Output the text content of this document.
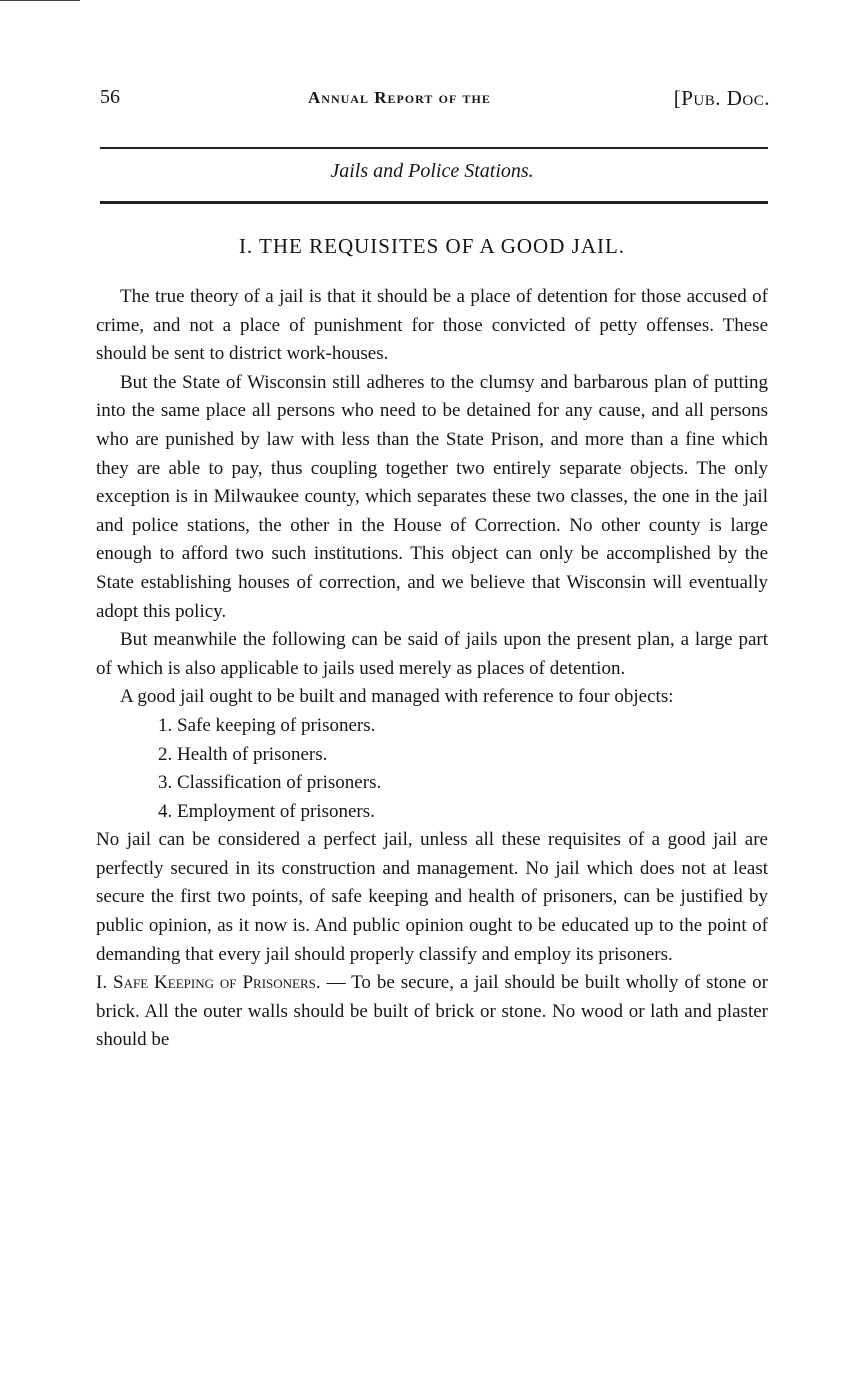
56	Annual Report of the	[Pub. Doc.
Jails and Police Stations.
I. THE REQUISITES OF A GOOD JAIL.

The true theory of a jail is that it should be a place of detention for those accused of crime, and not a place of punishment for those convicted of petty offenses. These should be sent to district work-houses.

But the State of Wisconsin still adheres to the clumsy and barbarous plan of putting into the same place all persons who need to be detained for any cause, and all persons who are punished by law with less than the State Prison, and more than a fine which they are able to pay, thus coupling together two entirely separate objects. The only exception is in Milwaukee county, which separates these two classes, the one in the jail and police stations, the other in the House of Correction. No other county is large enough to afford two such institutions. This object can only be accomplished by the State establishing houses of correction, and we believe that Wisconsin will eventually adopt this policy.

But meanwhile the following can be said of jails upon the present plan, a large part of which is also applicable to jails used merely as places of detention.

A good jail ought to be built and managed with reference to four objects:

1. Safe keeping of prisoners.
2. Health of prisoners.
3. Classification of prisoners.
4. Employment of prisoners.

No jail can be considered a perfect jail, unless all these requisites of a good jail are perfectly secured in its construction and management. No jail which does not at least secure the first two points, of safe keeping and health of prisoners, can be justified by public opinion, as it now is. And public opinion ought to be educated up to the point of demanding that every jail should properly classify and employ its prisoners.

I. Safe Keeping of Prisoners. — To be secure, a jail should be built wholly of stone or brick. All the outer walls should be built of brick or stone. No wood or lath and plaster should be
